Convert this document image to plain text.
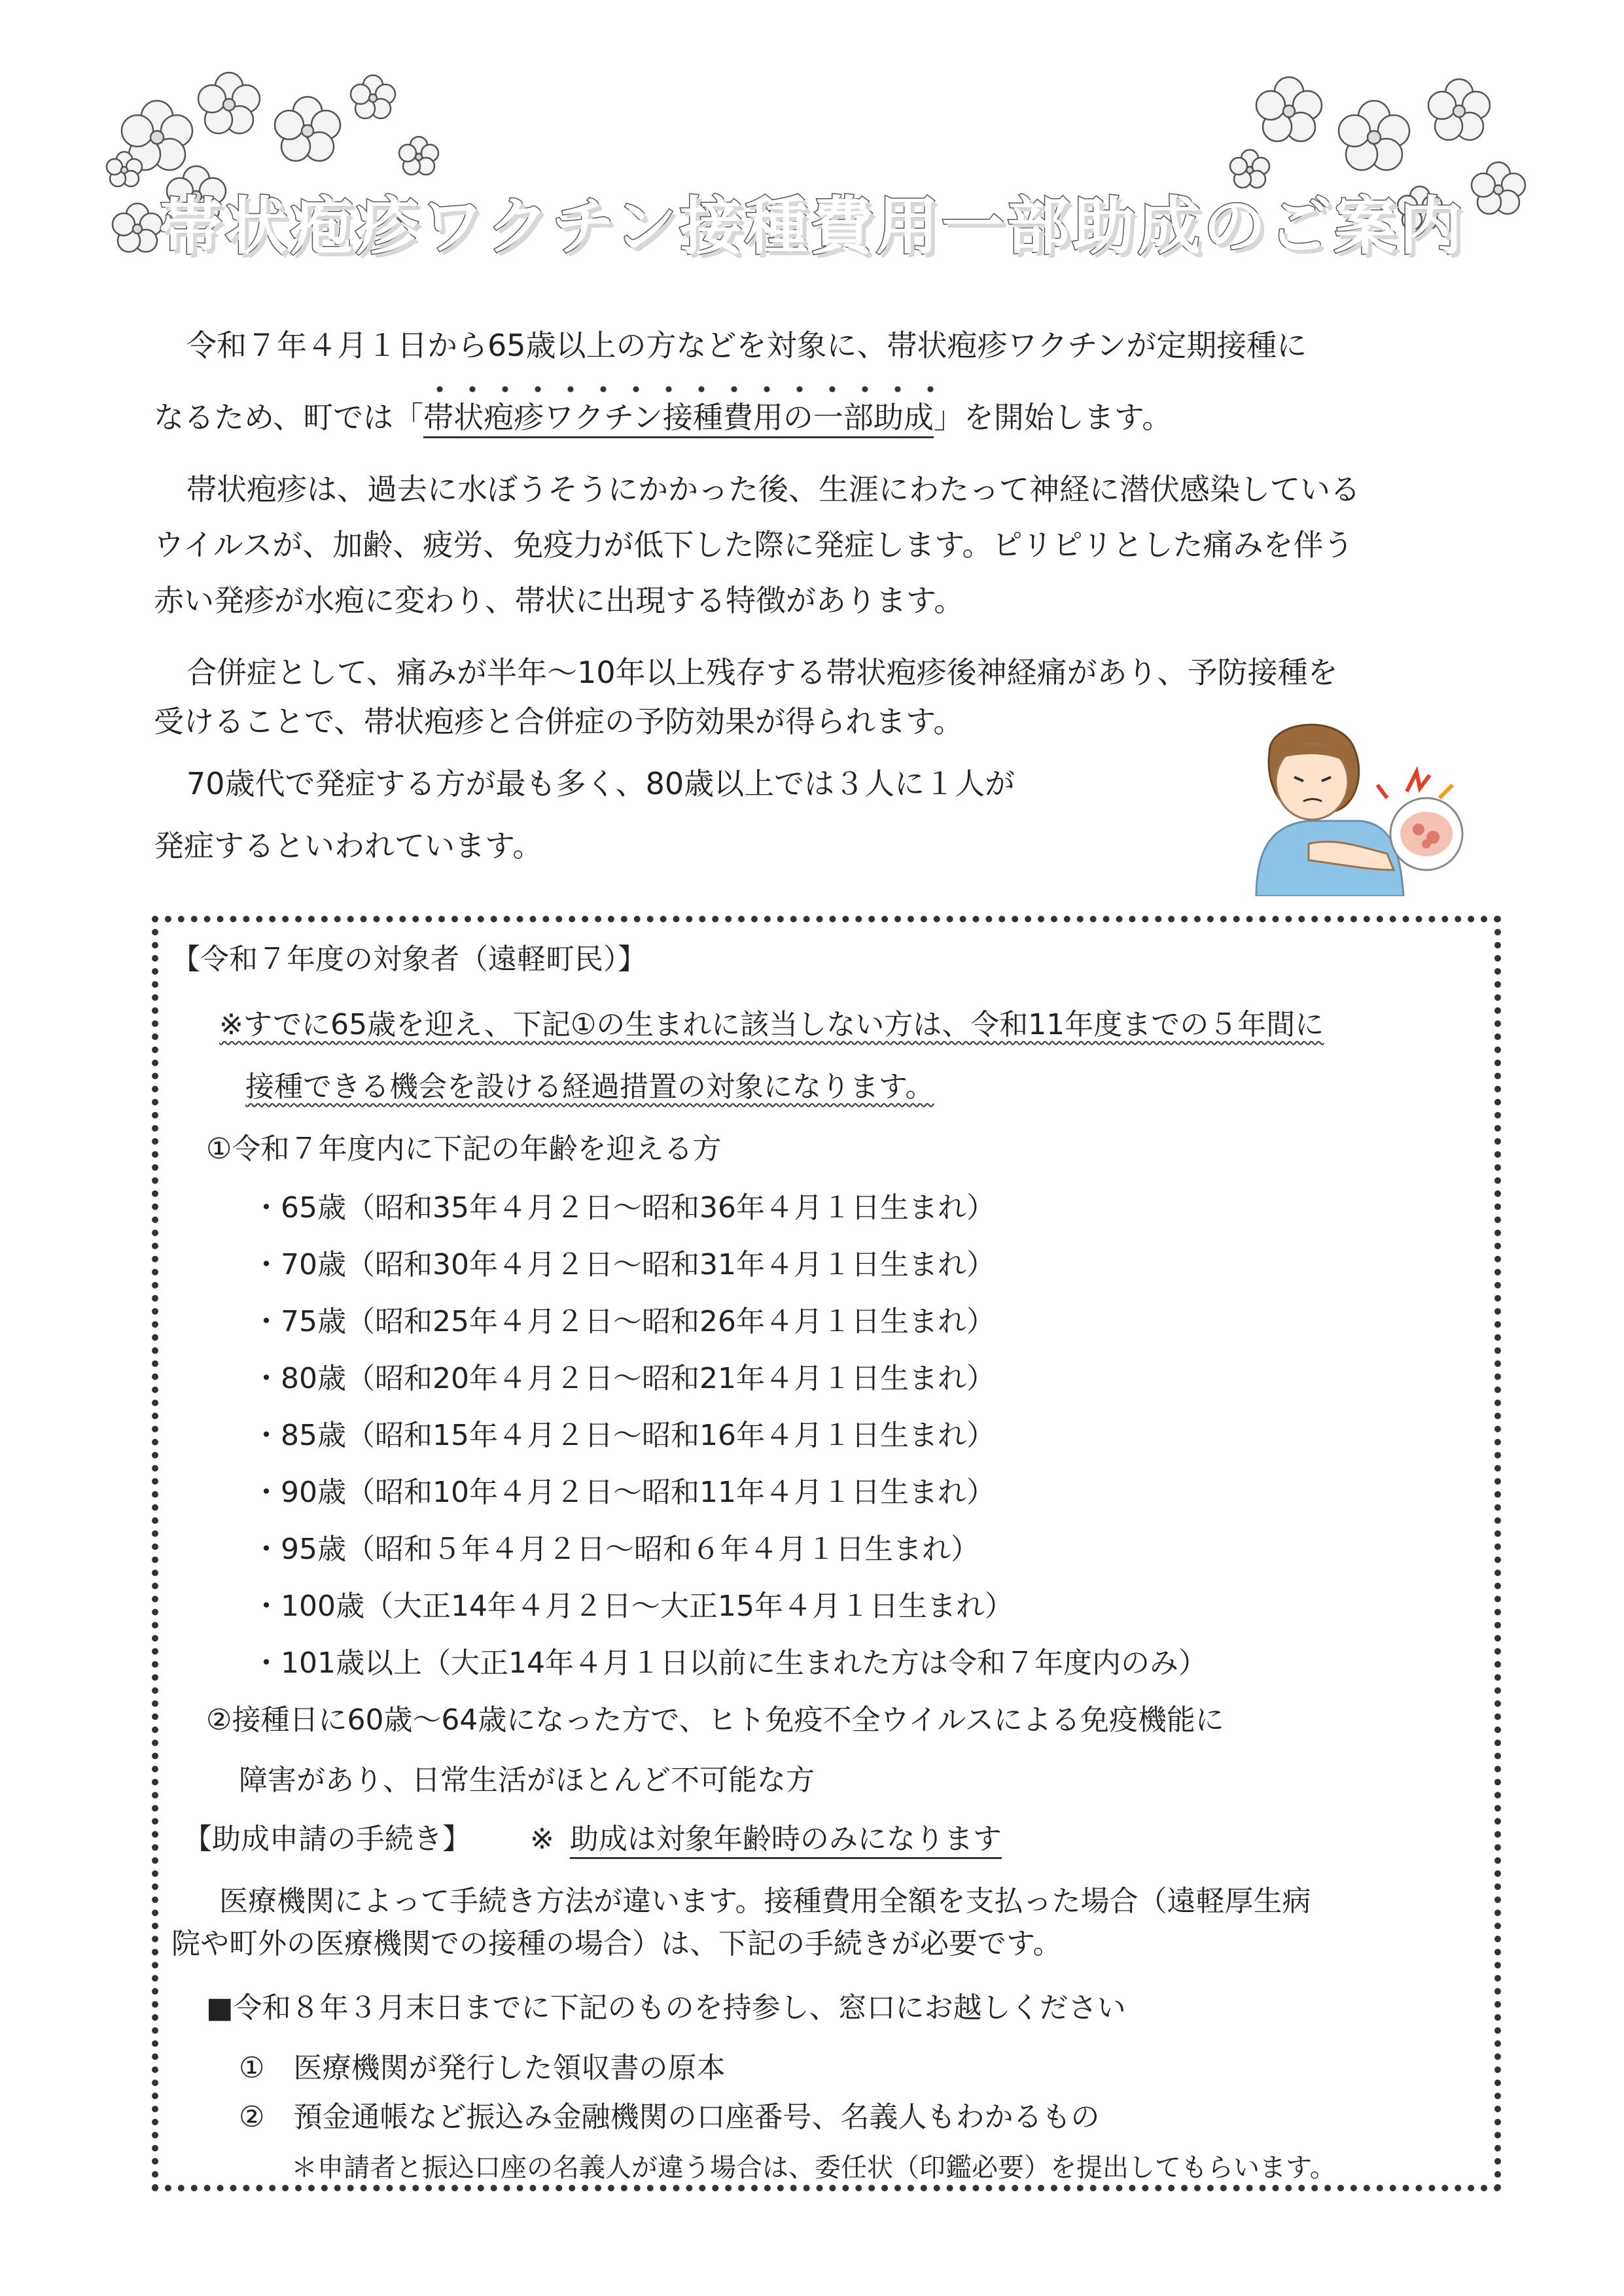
帯状疱疹ワクチン接種費用一部助成のご案内
令和７年４月１日から65歳以上の方などを対象に、帯状疱疹ワクチンが定期接種に
なるため、町では「
帯状疱疹ワクチン接種費用の一部助成」を開始します。
帯状疱疹は、過去に水ぼうそうにかかった後、生涯にわたって神経に潜伏感染している
ウイルスが、加齢、疲労、免疫力が低下した際に発症します。ピリピリとした痛みを伴う
赤い発疹が水疱に変わり、帯状に出現する特徴があります。
合併症として、痛みが半年～10年以上残存する帯状疱疹後神経痛があり、予防接種を
受けることで、帯状疱疹と合併症の予防効果が得られます。
70歳代で発症する方が最も多く、80歳以上では３人に１人が
発症するといわれています。
【令和７年度の対象者（遠軽町民）】
※すでに65歳を迎え、下記①の生まれに該当しない方は、令和11年度までの５年間に
接種できる機会を設ける経過措置の対象になります。
①令和７年度内に下記の年齢を迎える方
・65歳（昭和35年４月２日～昭和36年４月１日生まれ）
・70歳（昭和30年４月２日～昭和31年４月１日生まれ）
・75歳（昭和25年４月２日～昭和26年４月１日生まれ）
・80歳（昭和20年４月２日～昭和21年４月１日生まれ）
・85歳（昭和15年４月２日～昭和16年４月１日生まれ）
・90歳（昭和10年４月２日～昭和11年４月１日生まれ）
・95歳（昭和５年４月２日～昭和６年４月１日生まれ）
・100歳（大正14年４月２日～大正15年４月１日生まれ）
・101歳以上（大正14年４月１日以前に生まれた方は令和７年度内のみ）
②接種日に60歳～64歳になった方で、ヒト免疫不全ウイルスによる免疫機能に
障害があり、日常生活がほとんど不可能な方
【助成申請の手続き】 ※ 助成は対象年齢時のみになります
医療機関によって手続き方法が違います。接種費用全額を支払った場合（遠軽厚生病
院や町外の医療機関での接種の場合）は、下記の手続きが必要です。
■令和８年３月末日までに下記のものを持参し、窓口にお越しください
①　医療機関が発行した領収書の原本
②　預金通帳など振込み金融機関の口座番号、名義人もわかるもの
＊申請者と振込口座の名義人が違う場合は、委任状（印鑑必要）を提出してもらいます。
